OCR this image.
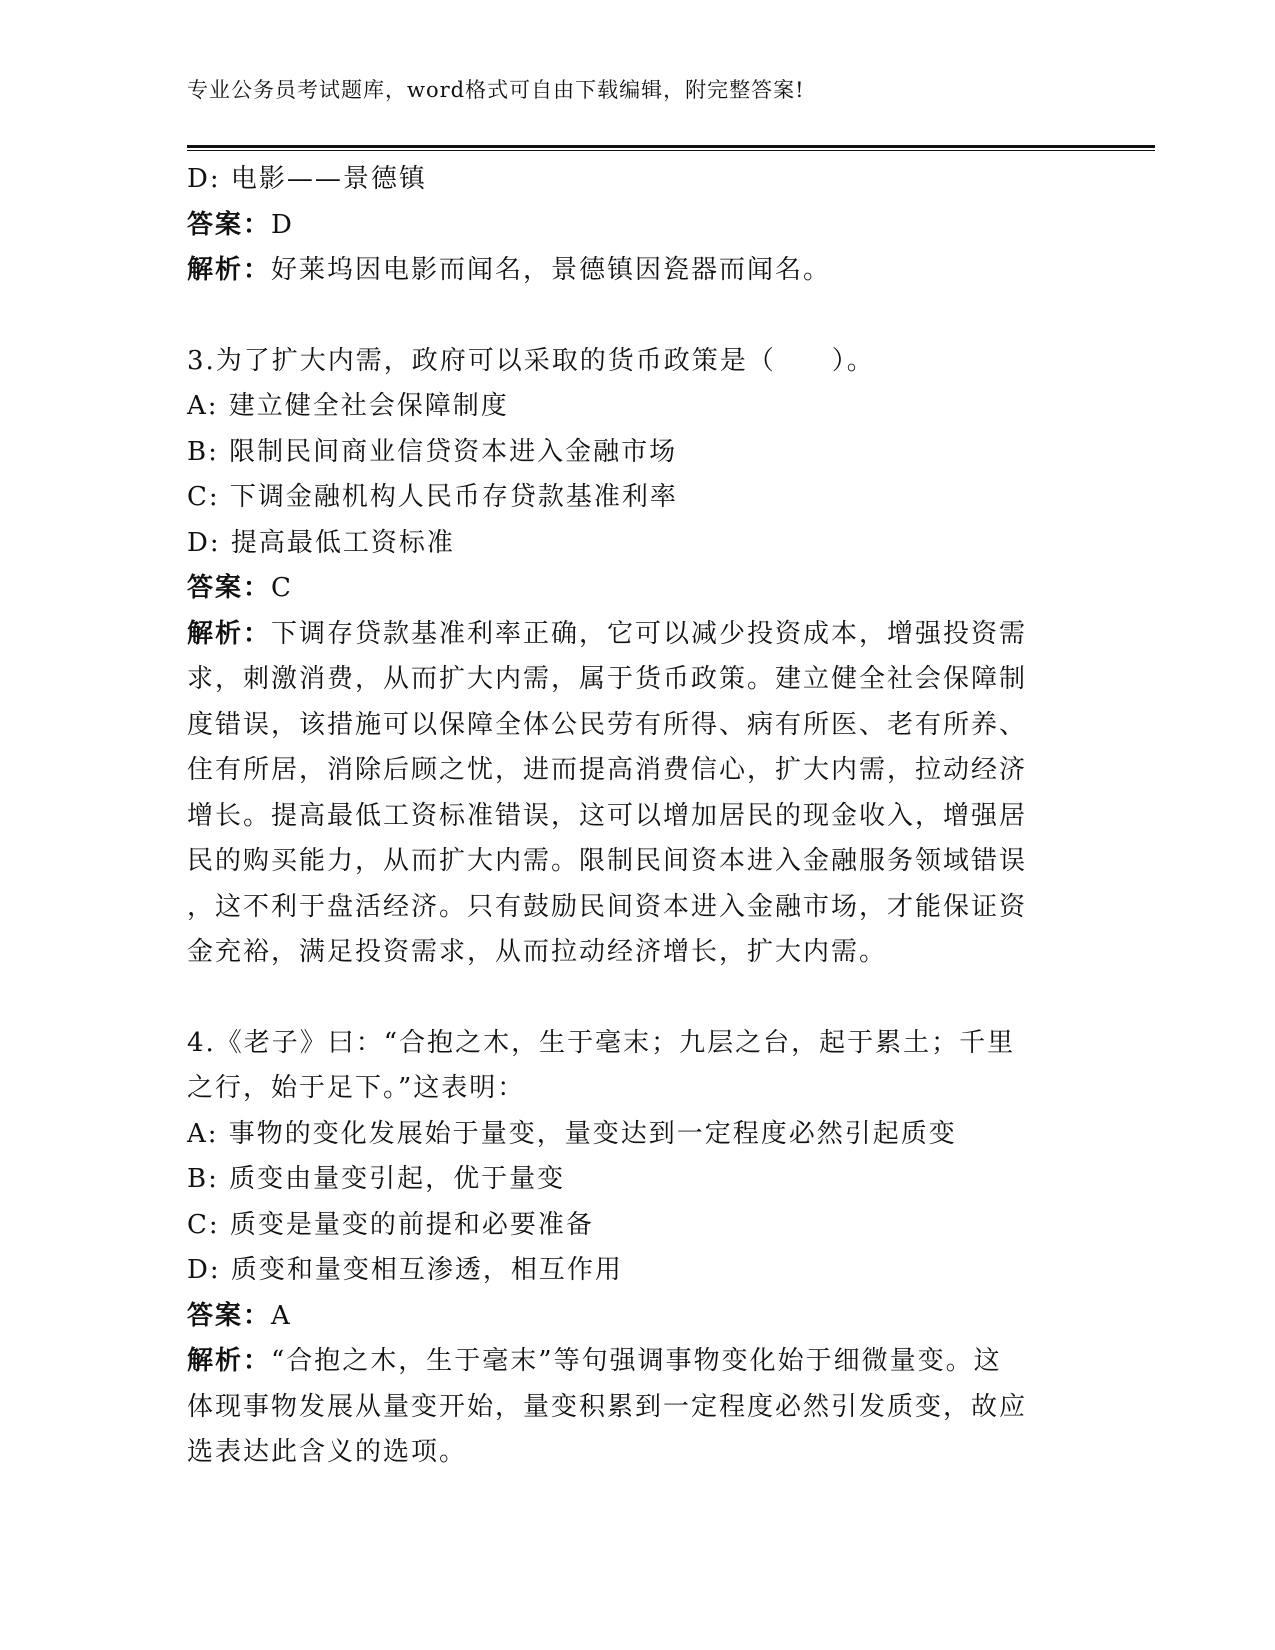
专业公务员考试题库，word格式可自由下载编辑，附完整答案!

D: 电影——景德镇

答案：D

解析：好莱坞因电影而闻名，景德镇因瓷器而闻名。

3.为了扩大内需，政府可以采取的货币政策是（　　）。

A: 建立健全社会保障制度

B: 限制民间商业信贷资本进入金融市场

C: 下调金融机构人民币存贷款基准利率

D: 提高最低工资标准

答案：C

解析：下调存贷款基准利率正确，它可以减少投资成本，增强投资需
求，刺激消费，从而扩大内需，属于货币政策。建立健全社会保障制
度错误，该措施可以保障全体公民劳有所得、病有所医、老有所养、
住有所居，消除后顾之忧，进而提高消费信心，扩大内需，拉动经济
增长。提高最低工资标准错误，这可以增加居民的现金收入，增强居
民的购买能力，从而扩大内需。限制民间资本进入金融服务领域错误
，这不利于盘活经济。只有鼓励民间资本进入金融市场，才能保证资
金充裕，满足投资需求，从而拉动经济增长，扩大内需。

4.《老子》曰：“合抱之木，生于毫末；九层之台，起于累土；千里
之行，始于足下。”这表明：

A: 事物的变化发展始于量变，量变达到一定程度必然引起质变

B: 质变由量变引起，优于量变

C: 质变是量变的前提和必要准备

D: 质变和量变相互渗透，相互作用

答案：A

解析：“合抱之木，生于毫末”等句强调事物变化始于细微量变。这
体现事物发展从量变开始，量变积累到一定程度必然引发质变，故应
选表达此含义的选项。
